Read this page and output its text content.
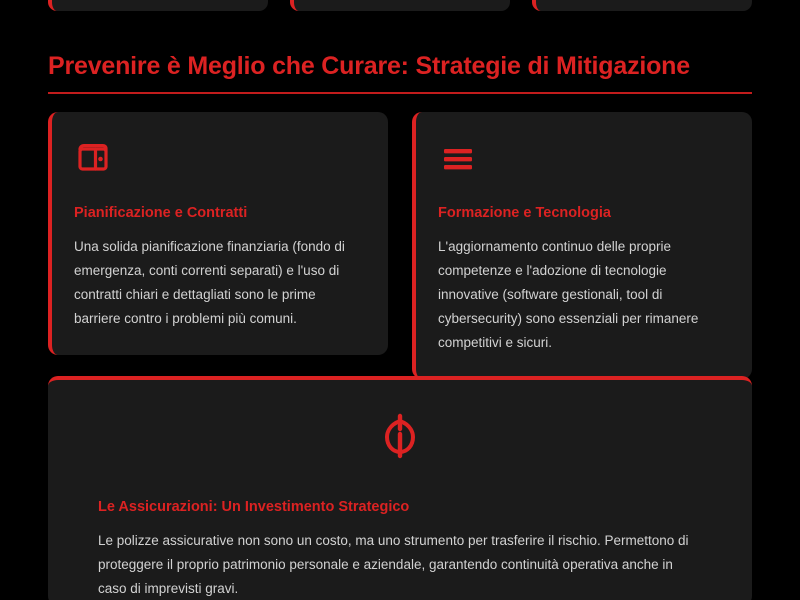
Prevenire è Meglio che Curare: Strategie di Mitigazione
Pianificazione e Contratti

Una solida pianificazione finanziaria (fondo di emergenza, conti correnti separati) e l'uso di contratti chiari e dettagliati sono le prime barriere contro i problemi più comuni.

Formazione e Tecnologia

L'aggiornamento continuo delle proprie competenze e l'adozione di tecnologie innovative (software gestionali, tool di cybersecurity) sono essenziali per rimanere competitivi e sicuri.

Le Assicurazioni: Un Investimento Strategico

Le polizze assicurative non sono un costo, ma uno strumento per trasferire il rischio. Permettono di proteggere il proprio patrimonio personale e aziendale, garantendo continuità operativa anche in caso di imprevisti gravi.
